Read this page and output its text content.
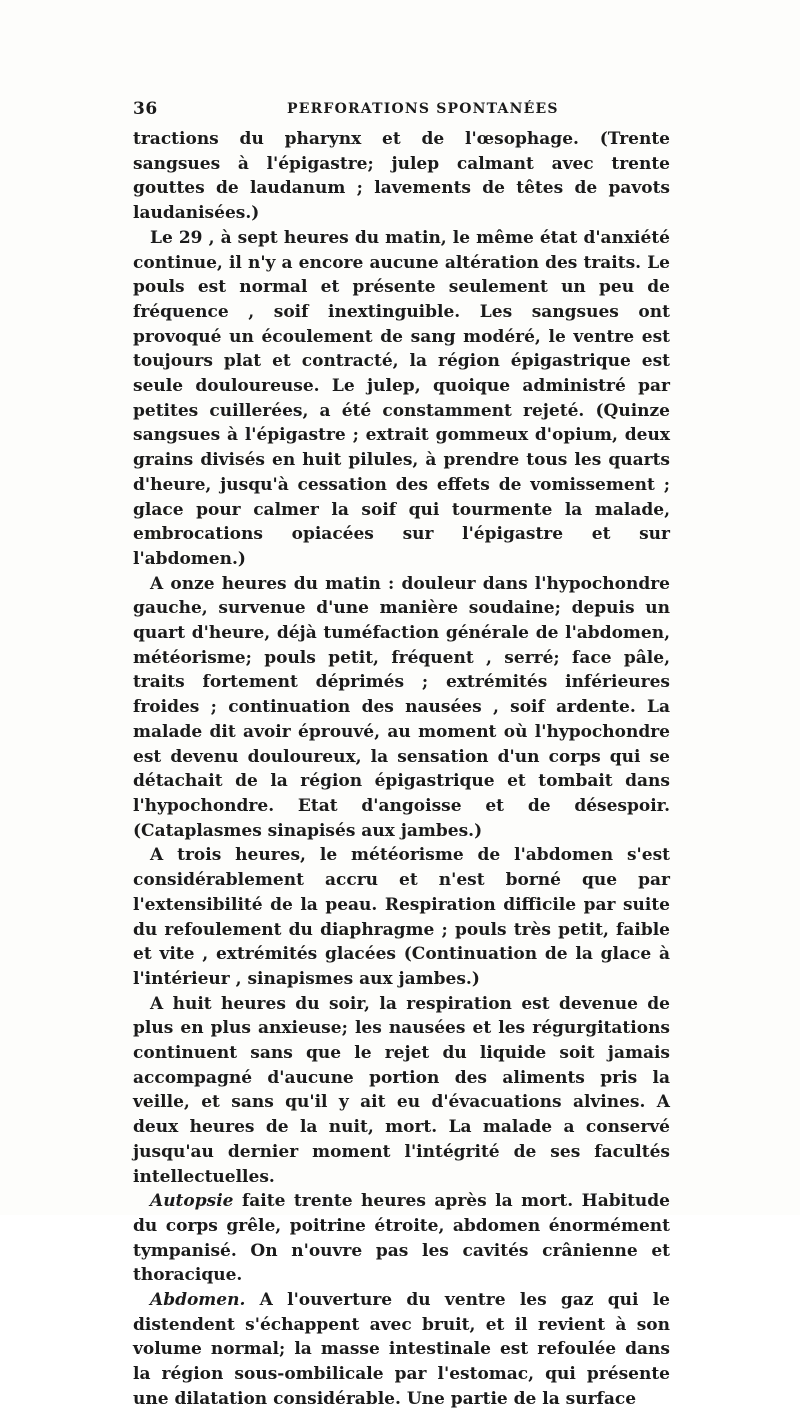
36	PERFORATIONS SPONTANÉES

tractions du pharynx et de l'œsophage. (Trente sangsues à l'épigastre; julep calmant avec trente gouttes de laudanum ; lavements de têtes de pavots laudanisées.)

Le 29 , à sept heures du matin, le même état d'anxiété continue, il n'y a encore aucune altération des traits. Le pouls est normal et présente seulement un peu de fréquence , soif inextinguible. Les sangsues ont provoqué un écoulement de sang modéré, le ventre est toujours plat et contracté, la région épigastrique est seule douloureuse. Le julep, quoique administré par petites cuillerées, a été constamment rejeté. (Quinze sangsues à l'épigastre ; extrait gommeux d'opium, deux grains divisés en huit pilules, à prendre tous les quarts d'heure, jusqu'à cessation des effets de vomissement ; glace pour calmer la soif qui tourmente la malade, embrocations opiacées sur l'épigastre et sur l'abdomen.)

A onze heures du matin : douleur dans l'hypochondre gauche, survenue d'une manière soudaine; depuis un quart d'heure, déjà tuméfaction générale de l'abdomen, météorisme; pouls petit, fréquent , serré; face pâle, traits fortement déprimés ; extrémités inférieures froides ; continuation des nausées , soif ardente. La malade dit avoir éprouvé, au moment où l'hypochondre est devenu douloureux, la sensation d'un corps qui se détachait de la région épigastrique et tombait dans l'hypochondre. Etat d'angoisse et de désespoir. (Cataplasmes sinapisés aux jambes.)

A trois heures, le météorisme de l'abdomen s'est considérablement accru et n'est borné que par l'extensibilité de la peau. Respiration difficile par suite du refoulement du diaphragme ; pouls très petit, faible et vite , extrémités glacées (Continuation de la glace à l'intérieur , sinapismes aux jambes.)

A huit heures du soir, la respiration est devenue de plus en plus anxieuse; les nausées et les régurgitations continuent sans que le rejet du liquide soit jamais accompagné d'aucune portion des aliments pris la veille, et sans qu'il y ait eu d'évacuations alvines. A deux heures de la nuit, mort. La malade a conservé jusqu'au dernier moment l'intégrité de ses facultés intellectuelles.

Autopsie faite trente heures après la mort. Habitude du corps grêle, poitrine étroite, abdomen énormément tympanisé. On n'ouvre pas les cavités crânienne et thoracique.

Abdomen. A l'ouverture du ventre les gaz qui le distendent s'échappent avec bruit, et il revient à son volume normal; la masse intestinale est refoulée dans la région sous-ombilicale par l'estomac, qui présente une dilatation considérable. Une partie de la surface
